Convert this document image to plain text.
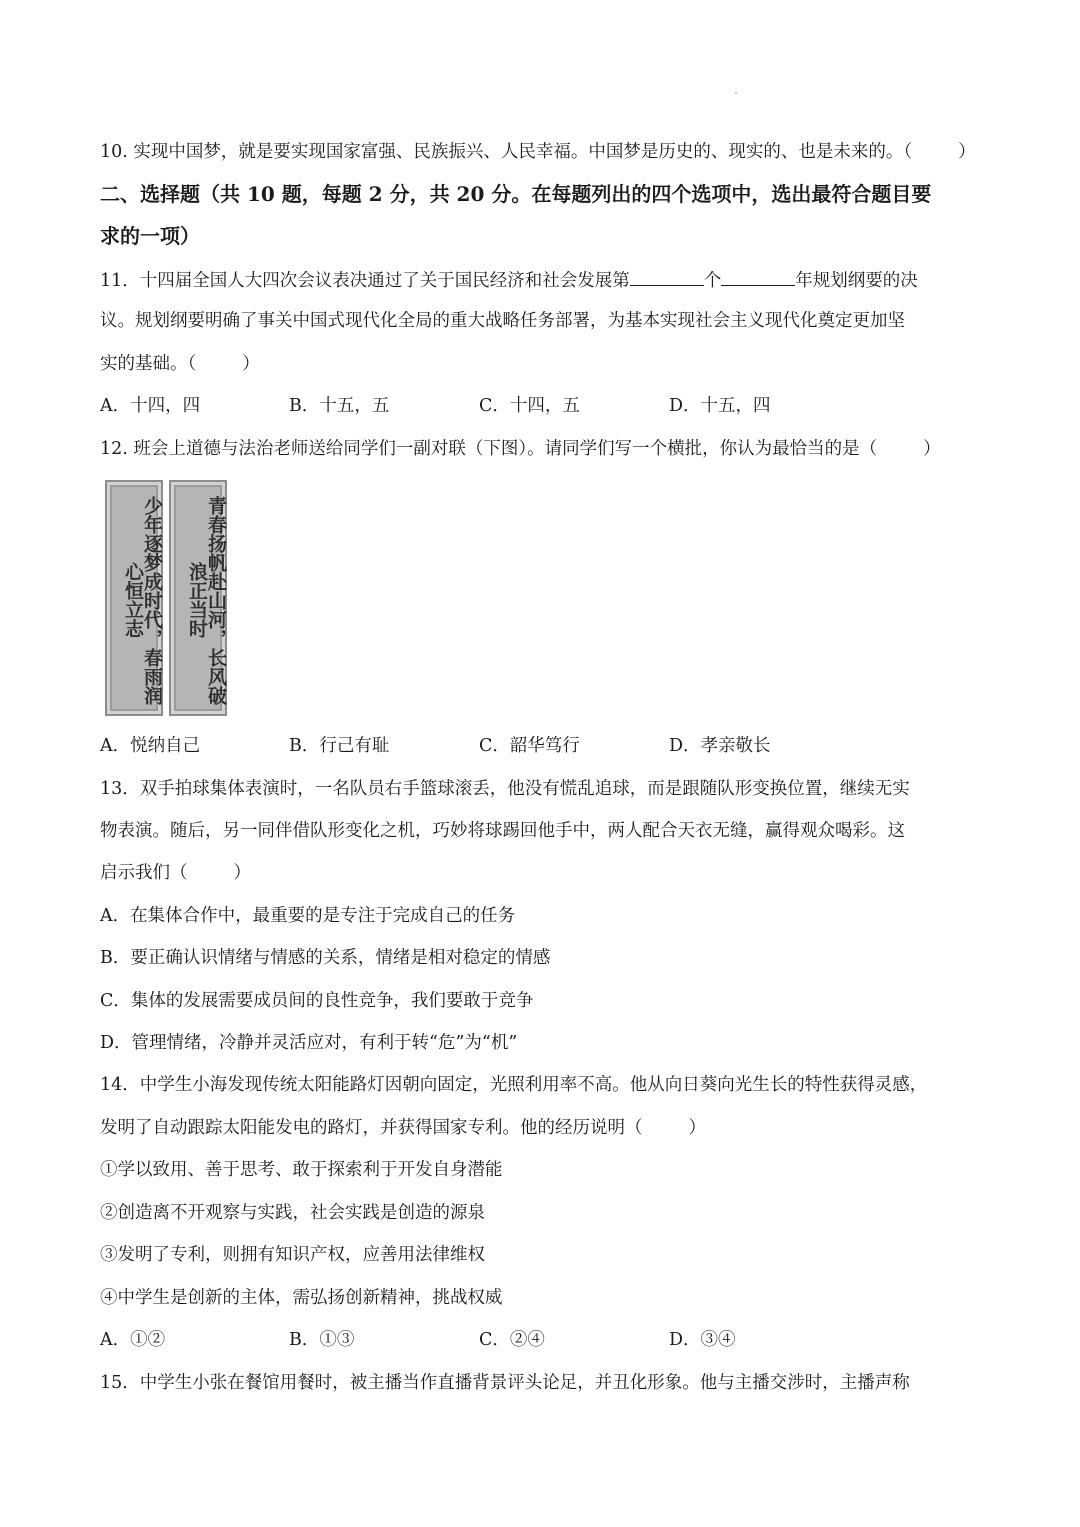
10. 实现中国梦，就是要实现国家富强、民族振兴、人民幸福。中国梦是历史的、现实的、也是未来的。（	）
二、选择题（共 10 题，每题 2 分，共 20 分。在每题列出的四个选项中，选出最符合题目要
求的一项）
11．十四届全国人大四次会议表决通过了关于国民经济和社会发展第	个	年规划纲要的决
议。规划纲要明确了事关中国式现代化全局的重大战略任务部署，为基本实现社会主义现代化奠定更加坚
实的基础。（	）
A．十四，四	B．十五，五	C．十四，五	D．十五，四
12. 班会上道德与法治老师送给同学们一副对联（下图）。请同学们写一个横批，你认为最恰当的是（	）
少年逐梦成时代，春雨润心恒立志	青春扬帆赴山河，长风破浪正当时
A．悦纳自己	B．行己有耻	C．韶华笃行	D．孝亲敬长
13．双手拍球集体表演时，一名队员右手篮球滚丢，他没有慌乱追球，而是跟随队形变换位置，继续无实
物表演。随后，另一同伴借队形变化之机，巧妙将球踢回他手中，两人配合天衣无缝，赢得观众喝彩。这
启示我们（	）
A．在集体合作中，最重要的是专注于完成自己的任务
B．要正确认识情绪与情感的关系，情绪是相对稳定的情感
C．集体的发展需要成员间的良性竞争，我们要敢于竞争
D．管理情绪，冷静并灵活应对，有利于转“危”为“机”
14．中学生小海发现传统太阳能路灯因朝向固定，光照利用率不高。他从向日葵向光生长的特性获得灵感，
发明了自动跟踪太阳能发电的路灯，并获得国家专利。他的经历说明（	）
①学以致用、善于思考、敢于探索利于开发自身潜能
②创造离不开观察与实践，社会实践是创造的源泉
③发明了专利，则拥有知识产权，应善用法律维权
④中学生是创新的主体，需弘扬创新精神，挑战权威
A．①②	B．①③	C．②④	D．③④
15．中学生小张在餐馆用餐时，被主播当作直播背景评头论足，并丑化形象。他与主播交涉时，主播声称
